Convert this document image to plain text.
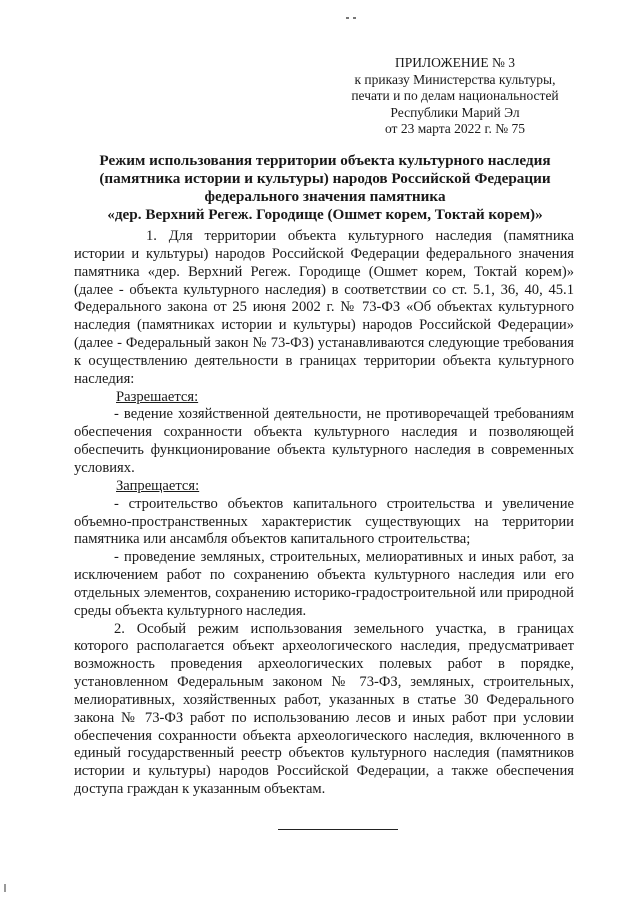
ПРИЛОЖЕНИЕ № 3
к приказу Министерства культуры,
печати и по делам национальностей
Республики Марий Эл
от 23 марта 2022 г. № 75
Режим использования территории объекта культурного наследия
(памятника истории и культуры) народов Российской Федерации
федерального значения памятника
«дер. Верхний Регеж. Городище (Ошмет корем, Токтай корем)»

1. Для территории объекта культурного наследия (памятника истории и культуры) народов Российской Федерации федерального значения памятника «дер. Верхний Регеж. Городище (Ошмет корем, Токтай корем)» (далее - объекта культурного наследия) в соответствии со ст. 5.1, 36, 40, 45.1 Федерального закона от 25 июня 2002 г. № 73-ФЗ «Об объектах культурного наследия (памятниках истории и культуры) народов Российской Федерации» (далее - Федеральный закон № 73-ФЗ) устанавливаются следующие требования к осуществлению деятельности в границах территории объекта культурного наследия:

Разрешается:

- ведение хозяйственной деятельности, не противоречащей требованиям обеспечения сохранности объекта культурного наследия и позволяющей обеспечить функционирование объекта культурного наследия в современных условиях.

Запрещается:

- строительство объектов капитального строительства и увеличение объемно-пространственных характеристик существующих на территории памятника или ансамбля объектов капитального строительства;

- проведение земляных, строительных, мелиоративных и иных работ, за исключением работ по сохранению объекта культурного наследия или его отдельных элементов, сохранению историко-градостроительной или природной среды объекта культурного наследия.

2. Особый режим использования земельного участка, в границах которого располагается объект археологического наследия, предусматривает возможность проведения археологических полевых работ в порядке, установленном Федеральным законом № 73-ФЗ, земляных, строительных, мелиоративных, хозяйственных работ, указанных в статье 30 Федерального закона № 73-ФЗ работ по использованию лесов и иных работ при условии обеспечения сохранности объекта археологического наследия, включенного в единый государственный реестр объектов культурного наследия (памятников истории и культуры) народов Российской Федерации, а также обеспечения доступа граждан к указанным объектам.
